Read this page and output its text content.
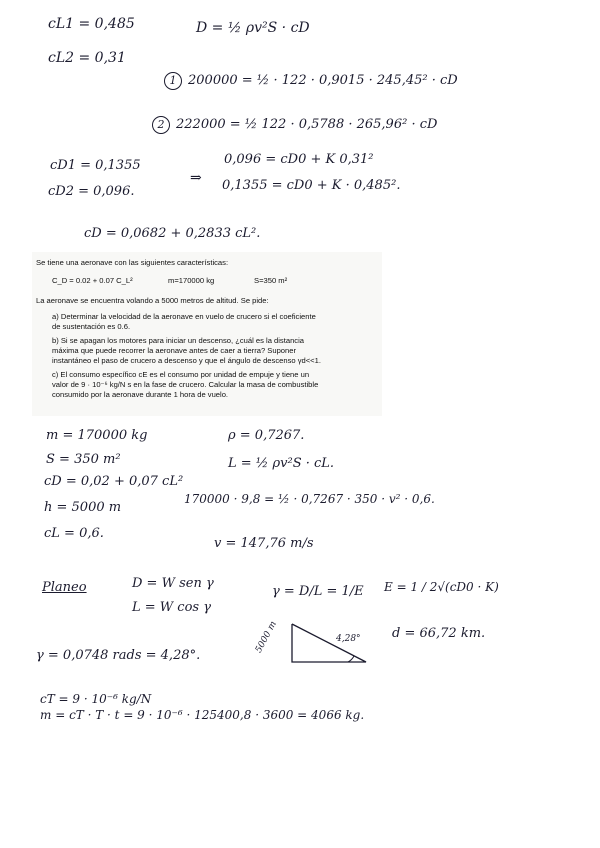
cL1 = 0,485	D = ½ ρv²S · cD
cL2 = 0,31
1 200000 = ½ · 122 · 0,9015 · 245,45² · cD
2 222000 = ½ 122 · 0,5788 · 265,96² · cD
cD1 = 0,1355
cD2 = 0,096.
⇒
0,096 = cD0 + K 0,31²
0,1355 = cD0 + K · 0,485².
cD = 0,0682 + 0,2833 cL².
Se tiene una aeronave con las siguientes características:
C_D = 0.02 + 0.07 C_L²	m=170000 kg	S=350 m²
La aeronave se encuentra volando a 5000 metros de altitud. Se pide:
a) Determinar la velocidad de la aeronave en vuelo de crucero si el coeficiente
de sustentación es 0.6.
b) Si se apagan los motores para iniciar un descenso, ¿cuál es la distancia
máxima que puede recorrer la aeronave antes de caer a tierra? Suponer
instantáneo el paso de crucero a descenso y que el ángulo de descenso γd<<1.
c) El consumo específico cE es el consumo por unidad de empuje y tiene un
valor de 9 · 10⁻⁶ kg/N s en la fase de crucero. Calcular la masa de combustible
consumido por la aeronave durante 1 hora de vuelo.
m = 170000 kg	ρ = 0,7267.
S = 350 m²	L = ½ ρv²S · cL.
cD = 0,02 + 0,07 cL²
h = 5000 m
170000 · 9,8 = ½ · 0,7267 · 350 · v² · 0,6.
cL = 0,6.
v = 147,76 m/s
Planeo	D = W sen γ
L = W cos γ
γ = D/L = 1/E E = 1 / 2√(cD0 · K)
5000 m	4,28°
γ = 0,0748 rads = 4,28°.
d = 66,72 km.
cT = 9 · 10⁻⁶ kg/N
m = cT · T · t = 9 · 10⁻⁶ · 125400,8 · 3600 = 4066 kg.
